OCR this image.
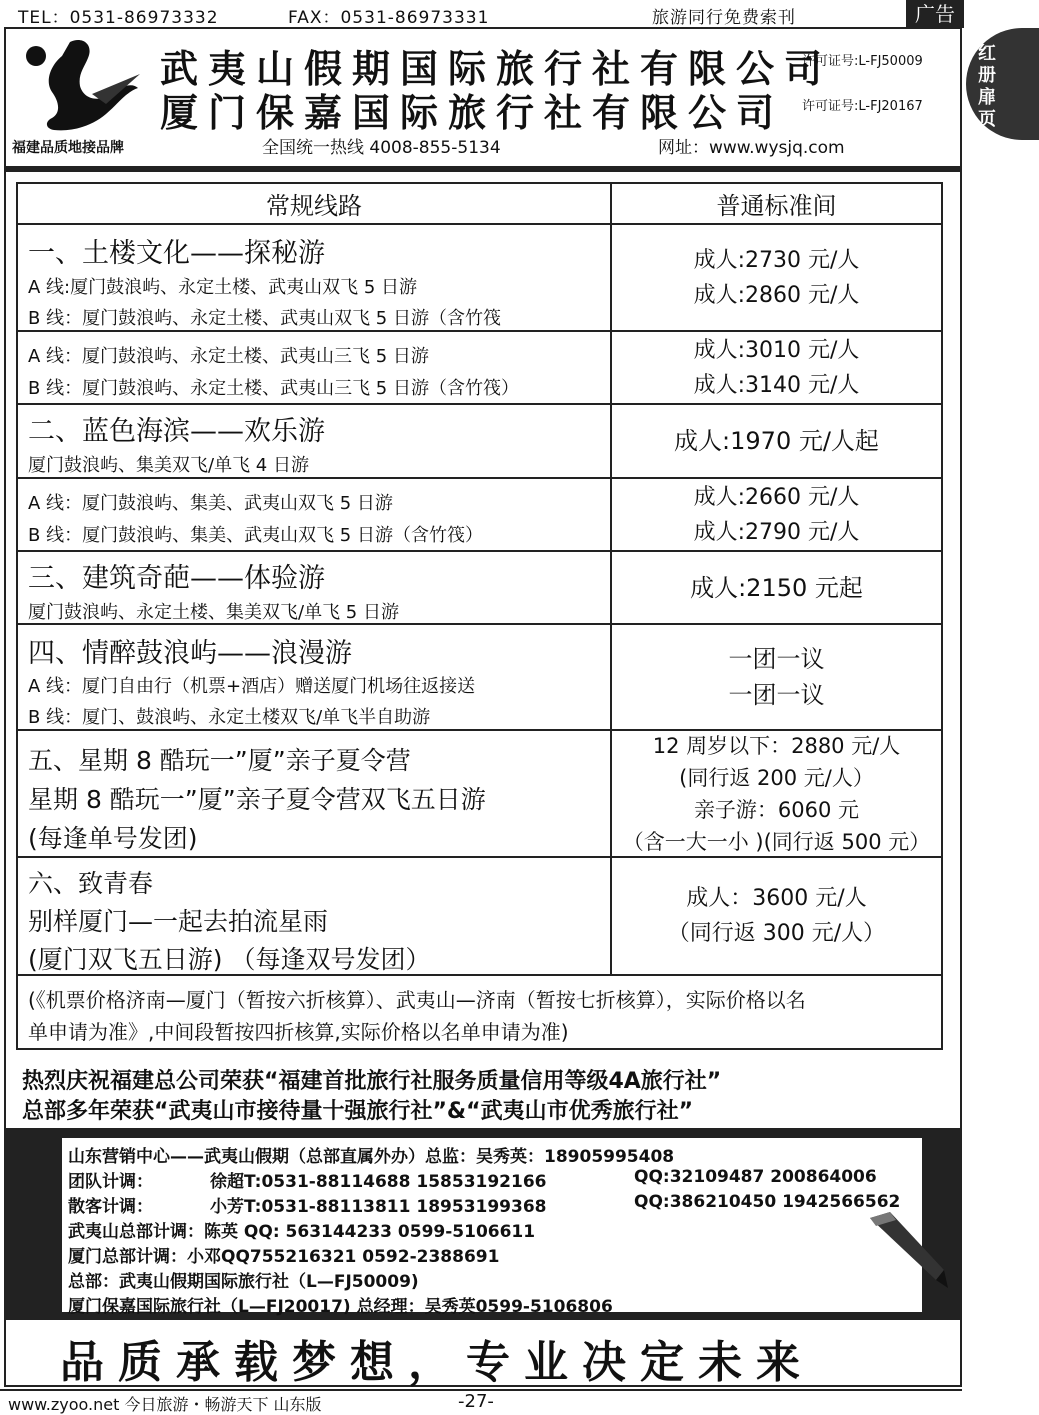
TEL：0531-86973332	FAX：0531-86973331	旅游同行免费索刊	广告
红
册
扉
页
福建品质地接品牌
武夷山假期国际旅行社有限公司
厦门保嘉国际旅行社有限公司
许可证号:L-FJ50009
许可证号:L-FJ20167
全国统一热线 4008-855-5134	网址：www.wysjq.com
常规线路	普通标准间
一、土楼文化——探秘游
A 线:厦门鼓浪屿、永定土楼、武夷山双飞 5 日游
B 线：厦门鼓浪屿、永定土楼、武夷山双飞 5 日游（含竹筏
成人:2730 元/人
成人:2860 元/人
A 线：厦门鼓浪屿、永定土楼、武夷山三飞 5 日游
B 线：厦门鼓浪屿、永定土楼、武夷山三飞 5 日游（含竹筏）
成人:3010 元/人
成人:3140 元/人
二、蓝色海滨——欢乐游
厦门鼓浪屿、集美双飞/单飞 4 日游
成人:1970 元/人起
A 线：厦门鼓浪屿、集美、武夷山双飞 5 日游
B 线：厦门鼓浪屿、集美、武夷山双飞 5 日游（含竹筏）
成人:2660 元/人
成人:2790 元/人
三、建筑奇葩——体验游
厦门鼓浪屿、永定土楼、集美双飞/单飞 5 日游
成人:2150 元起
四、情醉鼓浪屿——浪漫游
A 线：厦门自由行（机票+酒店）赠送厦门机场往返接送
B 线：厦门、鼓浪屿、永定土楼双飞/单飞半自助游
一团一议
一团一议
五、星期 8 酷玩一”厦”亲子夏令营
星期 8 酷玩一”厦”亲子夏令营双飞五日游
(每逢单号发团)
12 周岁以下：2880 元/人
(同行返 200 元/人）
亲子游：6060 元
（含一大一小 )(同行返 500 元）
六、致青春
别样厦门—一起去拍流星雨
(厦门双飞五日游) （每逢双号发团）
成人：3600 元/人
（同行返 300 元/人）
(《机票价格济南—厦门（暂按六折核算）、武夷山—济南（暂按七折核算），实际价格以名
单申请为准》,中间段暂按四折核算,实际价格以名单申请为准)
热烈庆祝福建总公司荣获“福建首批旅行社服务质量信用等级4A旅行社”
总部多年荣获“武夷山市接待量十强旅行社”&“武夷山市优秀旅行社”
山东营销中心——武夷山假期（总部直属外办）总监：吴秀英：18905995408
团队计调：	徐超T:0531-88114688 15853192166	QQ:32109487 200864006
散客计调：	小芳T:0531-88113811 18953199368	QQ:386210450 1942566562
武夷山总部计调：陈英 QQ: 563144233 0599-5106611
厦门总部计调：小邓QQ755216321 0592-2388691
总部：武夷山假期国际旅行社（L—FJ50009)
厦门保嘉国际旅行社（L—FJ20017) 总经理：吴秀英0599-5106806
品质承载梦想，专业决定未来
www.zyoo.net 今日旅游・畅游天下 山东版	-27-
